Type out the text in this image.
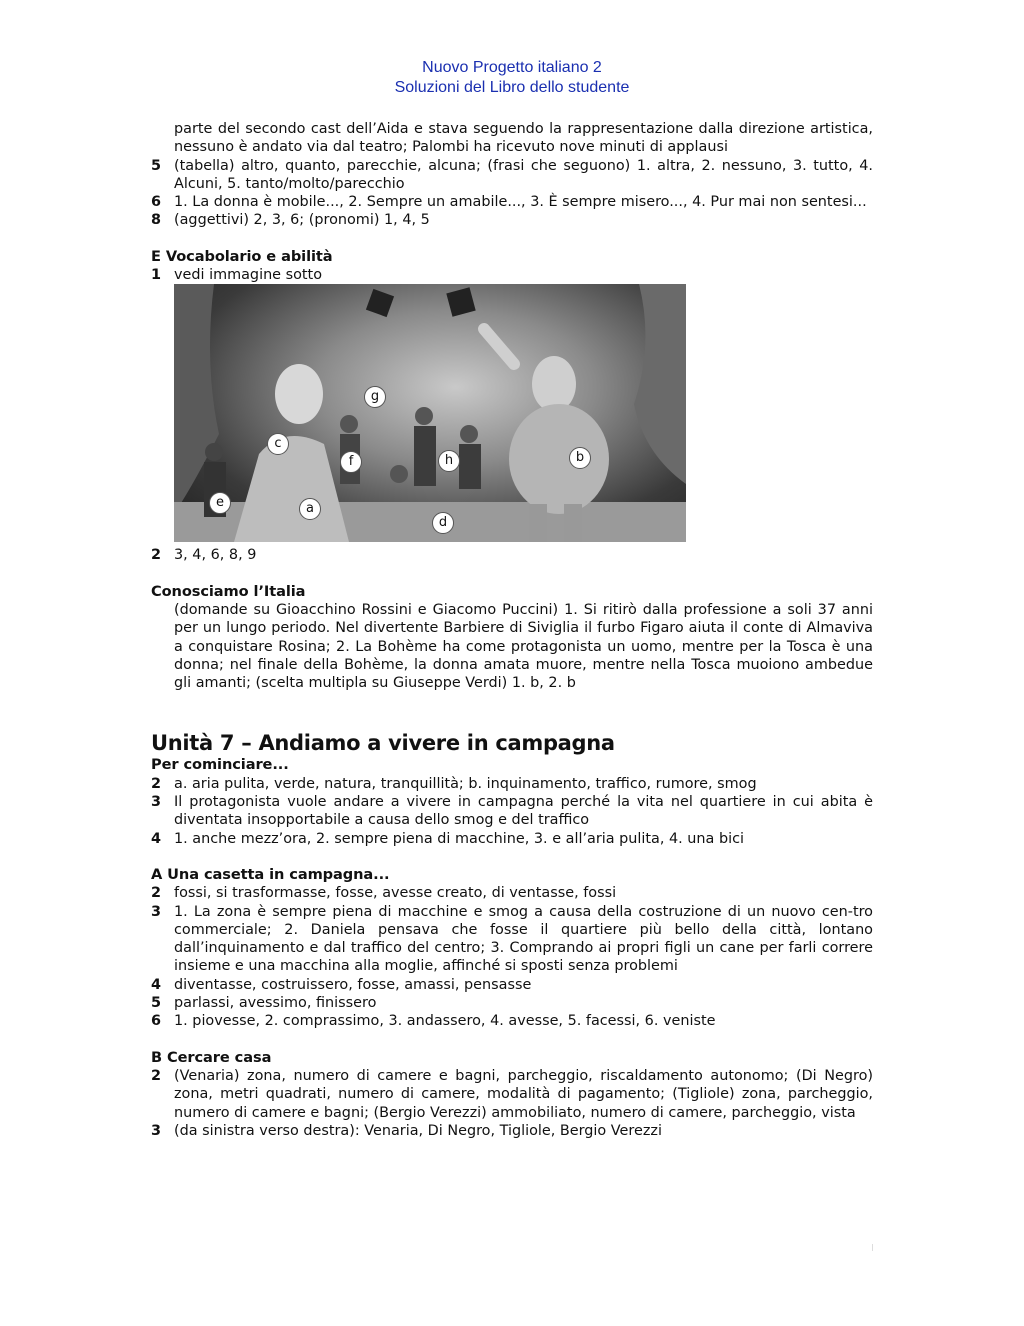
Nuovo Progetto italiano 2
Soluzioni del Libro dello studente
parte del secondo cast dell’Aida e stava seguendo la rappresentazione dalla direzione artistica, nessuno è andato via dal teatro; Palombi ha ricevuto nove minuti di applausi
5 (tabella) altro, quanto, parecchie, alcuna; (frasi che seguono) 1. altra, 2. nessuno, 3. tutto, 4. Alcuni, 5. tanto/molto/parecchio
6 1. La donna è mobile..., 2. Sempre un amabile..., 3. È sempre misero..., 4. Pur mai non sentesi...
8 (aggettivi) 2, 3, 6; (pronomi) 1, 4, 5
E Vocabolario e abilità
1 vedi immagine sotto
g
c
f	h	b
e	a
d
2 3, 4, 6, 8, 9
Conosciamo l’Italia
(domande su Gioacchino Rossini e Giacomo Puccini) 1. Si ritirò dalla professione a soli 37 anni per un lungo periodo. Nel divertente Barbiere di Siviglia il furbo Figaro aiuta il conte di Almaviva a conquistare Rosina; 2. La Bohème ha come protagonista un uomo, mentre per la Tosca è una donna; nel finale della Bohème, la donna amata muore, mentre nella Tosca muoiono ambedue gli amanti; (scelta multipla su Giuseppe Verdi) 1. b, 2. b
Unità 7 – Andiamo a vivere in campagna
Per cominciare...
2 a. aria pulita, verde, natura, tranquillità; b. inquinamento, traffico, rumore, smog
3 Il protagonista vuole andare a vivere in campagna perché la vita nel quartiere in cui abita è diventata insopportabile a causa dello smog e del traffico
4 1. anche mezz’ora, 2. sempre piena di macchine, 3. e all’aria pulita, 4. una bici
A Una casetta in campagna...
2 fossi, si trasformasse, fosse, avesse creato, di ventasse, fossi
3 1. La zona è sempre piena di macchine e smog a causa della costruzione di un nuovo cen-tro commerciale; 2. Daniela pensava che fosse il quartiere più bello della città, lontano dall’inquinamento e dal traffico del centro; 3. Comprando ai propri figli un cane per farli correre insieme e una macchina alla moglie, affinché si sposti senza problemi
4 diventasse, costruissero, fosse, amassi, pensasse
5 parlassi, avessimo, finissero
6 1. piovesse, 2. comprassimo, 3. andassero, 4. avesse, 5. facessi, 6. veniste
B Cercare casa
2 (Venaria) zona, numero di camere e bagni, parcheggio, riscaldamento autonomo; (Di Negro) zona, metri quadrati, numero di camere, modalità di pagamento; (Tigliole) zona, parcheggio, numero di camere e bagni; (Bergio Verezzi) ammobiliato, numero di camere, parcheggio, vista
3 (da sinistra verso destra): Venaria, Di Negro, Tigliole, Bergio Verezzi
